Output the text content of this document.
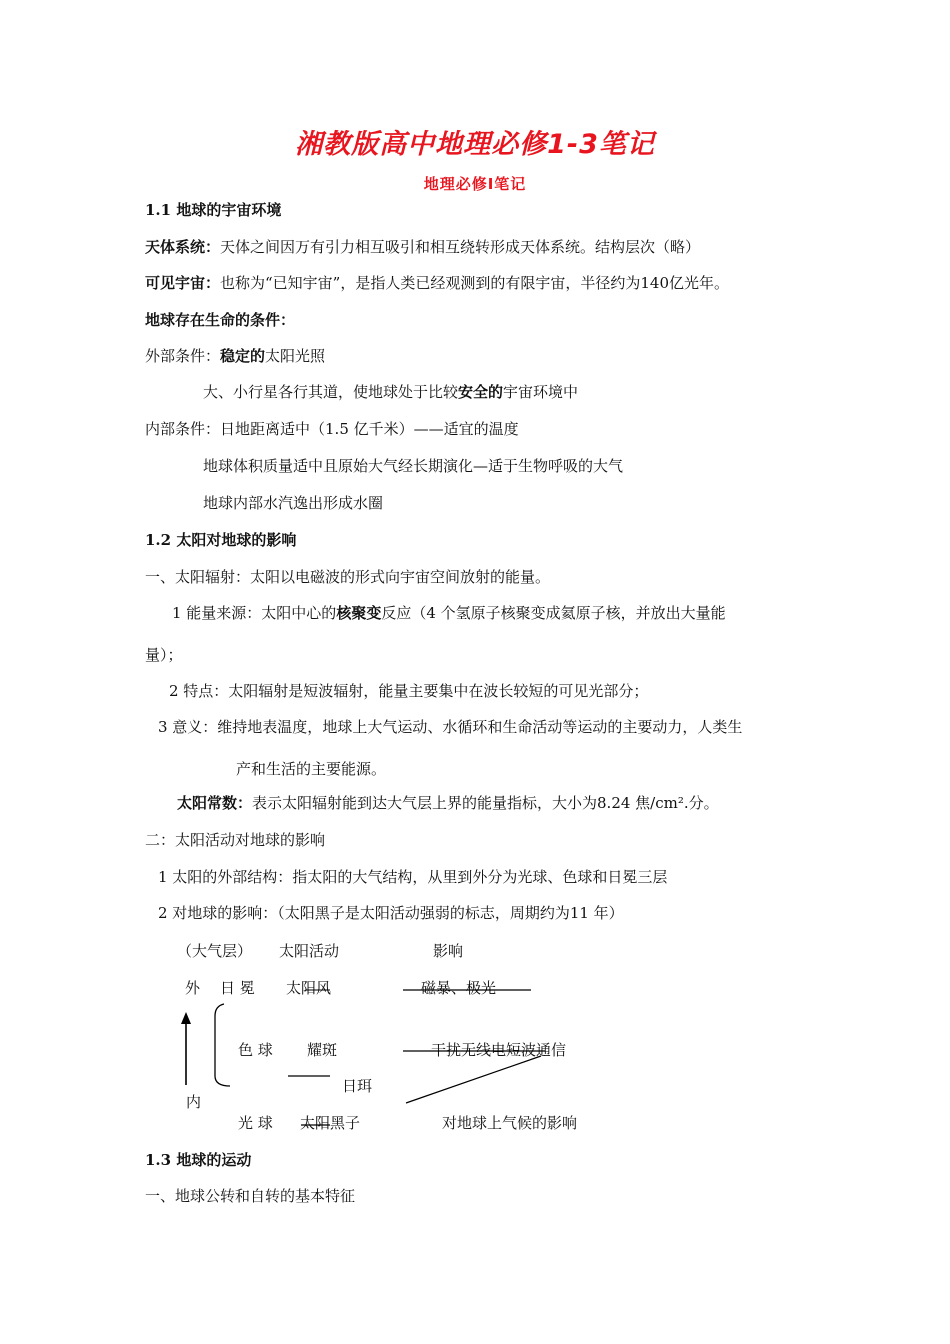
湘教版高中地理必修1-3笔记
地理必修Ⅰ笔记
1.1 地球的宇宙环境
天体系统：天体之间因万有引力相互吸引和相互绕转形成天体系统。结构层次（略）
可见宇宙：也称为“已知宇宙”，是指人类已经观测到的有限宇宙，半径约为140亿光年。
地球存在生命的条件：
外部条件：稳定的太阳光照
大、小行星各行其道，使地球处于比较安全的宇宙环境中
内部条件：日地距离适中（1.5 亿千米）——适宜的温度
地球体积质量适中且原始大气经长期演化—适于生物呼吸的大气
地球内部水汽逸出形成水圈
1.2 太阳对地球的影响
一、太阳辐射：太阳以电磁波的形式向宇宙空间放射的能量。
1 能量来源：太阳中心的核聚变反应（4 个氢原子核聚变成氦原子核，并放出大量能
量）；
2 特点：太阳辐射是短波辐射，能量主要集中在波长较短的可见光部分；
3 意义：维持地表温度，地球上大气运动、水循环和生命活动等运动的主要动力，人类生
产和生活的主要能源。
太阳常数：表示太阳辐射能到达大气层上界的能量指标，大小为8.24 焦/cm².分。
二：太阳活动对地球的影响
1 太阳的外部结构：指太阳的大气结构，从里到外分为光球、色球和日冕三层
2 对地球的影响：（太阳黑子是太阳活动强弱的标志，周期约为11 年）
（大气层） 太阳活动	影响
外 日 冕 太阳风	磁暴、极光
色 球 耀斑	干扰无线电短波通信
日珥
内
光 球 太阳黑子	对地球上气候的影响
1.3 地球的运动
一、地球公转和自转的基本特征
